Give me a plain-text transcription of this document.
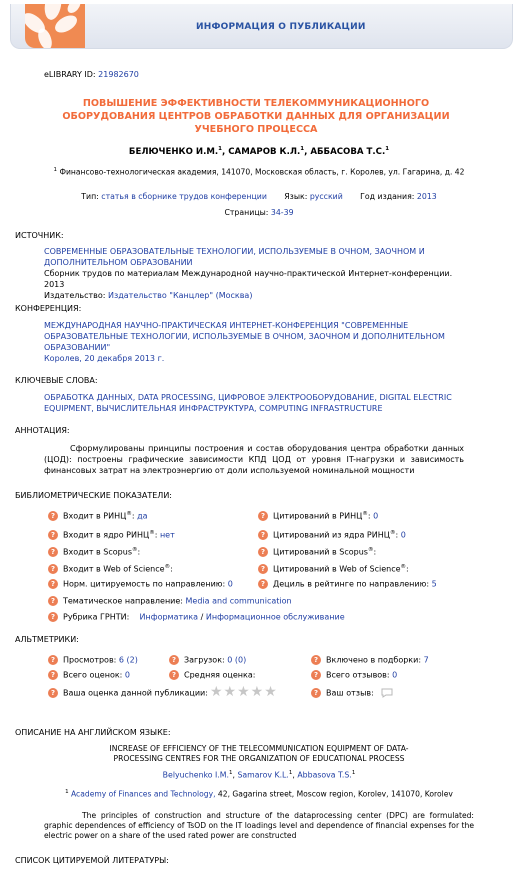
ИНФОРМАЦИЯ О ПУБЛИКАЦИИ
eLIBRARY ID: 21982670
ПОВЫШЕНИЕ ЭФФЕКТИВНОСТИ ТЕЛЕКОММУНИКАЦИОННОГО ОБОРУДОВАНИЯ ЦЕНТРОВ ОБРАБОТКИ ДАННЫХ ДЛЯ ОРГАНИЗАЦИИ УЧЕБНОГО ПРОЦЕССА
БЕЛЮЧЕНКО И.М.$^1$, САМАРОВ К.Л.$^1$, АББАСОВА Т.С.$^1$
$^1$ Финансово-технологическая академия, 141070, Московская область, г. Королев, ул. Гагарина, д. 42
Тип: статья в сборнике трудов конференции Язык: русский Год издания: 2013
Страницы: 34-39
ИСТОЧНИК:
СОВРЕМЕННЫЕ ОБРАЗОВАТЕЛЬНЫЕ ТЕХНОЛОГИИ, ИСПОЛЬЗУЕМЫЕ В ОЧНОМ, ЗАОЧНОМ И ДОПОЛНИТЕЛЬНОМ ОБРАЗОВАНИИ
Сборник трудов по материалам Международной научно-практической Интернет-конференции. 2013
Издательство: Издательство "Канцлер" (Москва)
КОНФЕРЕНЦИЯ:
МЕЖДУНАРОДНАЯ НАУЧНО-ПРАКТИЧЕСКАЯ ИНТЕРНЕТ-КОНФЕРЕНЦИЯ "СОВРЕМЕННЫЕ ОБРАЗОВАТЕЛЬНЫЕ ТЕХНОЛОГИИ, ИСПОЛЬЗУЕМЫЕ В ОЧНОМ, ЗАОЧНОМ И ДОПОЛНИТЕЛЬНОМ ОБРАЗОВАНИИ"
Королев, 20 декабря 2013 г.
КЛЮЧЕВЫЕ СЛОВА:
ОБРАБОТКА ДАННЫХ, DATA PROCESSING, ЦИФРОВОЕ ЭЛЕКТРООБОРУДОВАНИЕ, DIGITAL ELECTRIC EQUIPMENT, ВЫЧИСЛИТЕЛЬНАЯ ИНФРАСТРУКТУРА, COMPUTING INFRASTRUCTURE
АННОТАЦИЯ:
Сформулированы принципы построения и состав оборудования центра обработки данных (ЦОД): построены графические зависимости КПД ЦОД от уровня IT-нагрузки и зависимость финансовых затрат на электроэнергию от доли используемой номинальной мощности
БИБЛИОМЕТРИЧЕСКИЕ ПОКАЗАТЕЛИ:
? Входит в РИНЦ®: да
? Входит в ядро РИНЦ®: нет
? Входит в Scopus®:
? Входит в Web of Science®:
? Норм. цитируемость по направлению: 0
? Цитирований в РИНЦ®: 0
? Цитирований из ядра РИНЦ®: 0
? Цитирований в Scopus®:
? Цитирований в Web of Science®:
? Дециль в рейтинге по направлению: 5
? Тематическое направление: Media and communication
? Рубрика ГРНТИ: Информатика / Информационное обслуживание
АЛЬТМЕТРИКИ:
? Просмотров: 6 (2)
? Всего оценок: 0
? Загрузок: 0 (0)
? Средняя оценка:
? Включено в подборки: 7
? Всего отзывов: 0
? Ваша оценка данной публикации: ★★★★★	? Ваш отзыв:
ОПИСАНИЕ НА АНГЛИЙСКОМ ЯЗЫКЕ:
INCREASE OF EFFICIENCY OF THE TELECOMMUNICATION EQUIPMENT OF DATA-PROCESSING CENTRES FOR THE ORGANIZATION OF EDUCATIONAL PROCESS
Belyuchenko I.M.$^1$, Samarov K.L.$^1$, Abbasova T.S.$^1$
$^1$ Academy of Finances and Technology, 42, Gagarina street, Moscow region, Korolev, 141070, Korolev
The principles of construction and structure of the dataprocessing center (DPC) are formulated: graphic dependences of efficiency of TsOD on the IT loadings level and dependence of financial expenses for the electric power on a share of the used rated power are constructed
СПИСОК ЦИТИРУЕМОЙ ЛИТЕРАТУРЫ:
